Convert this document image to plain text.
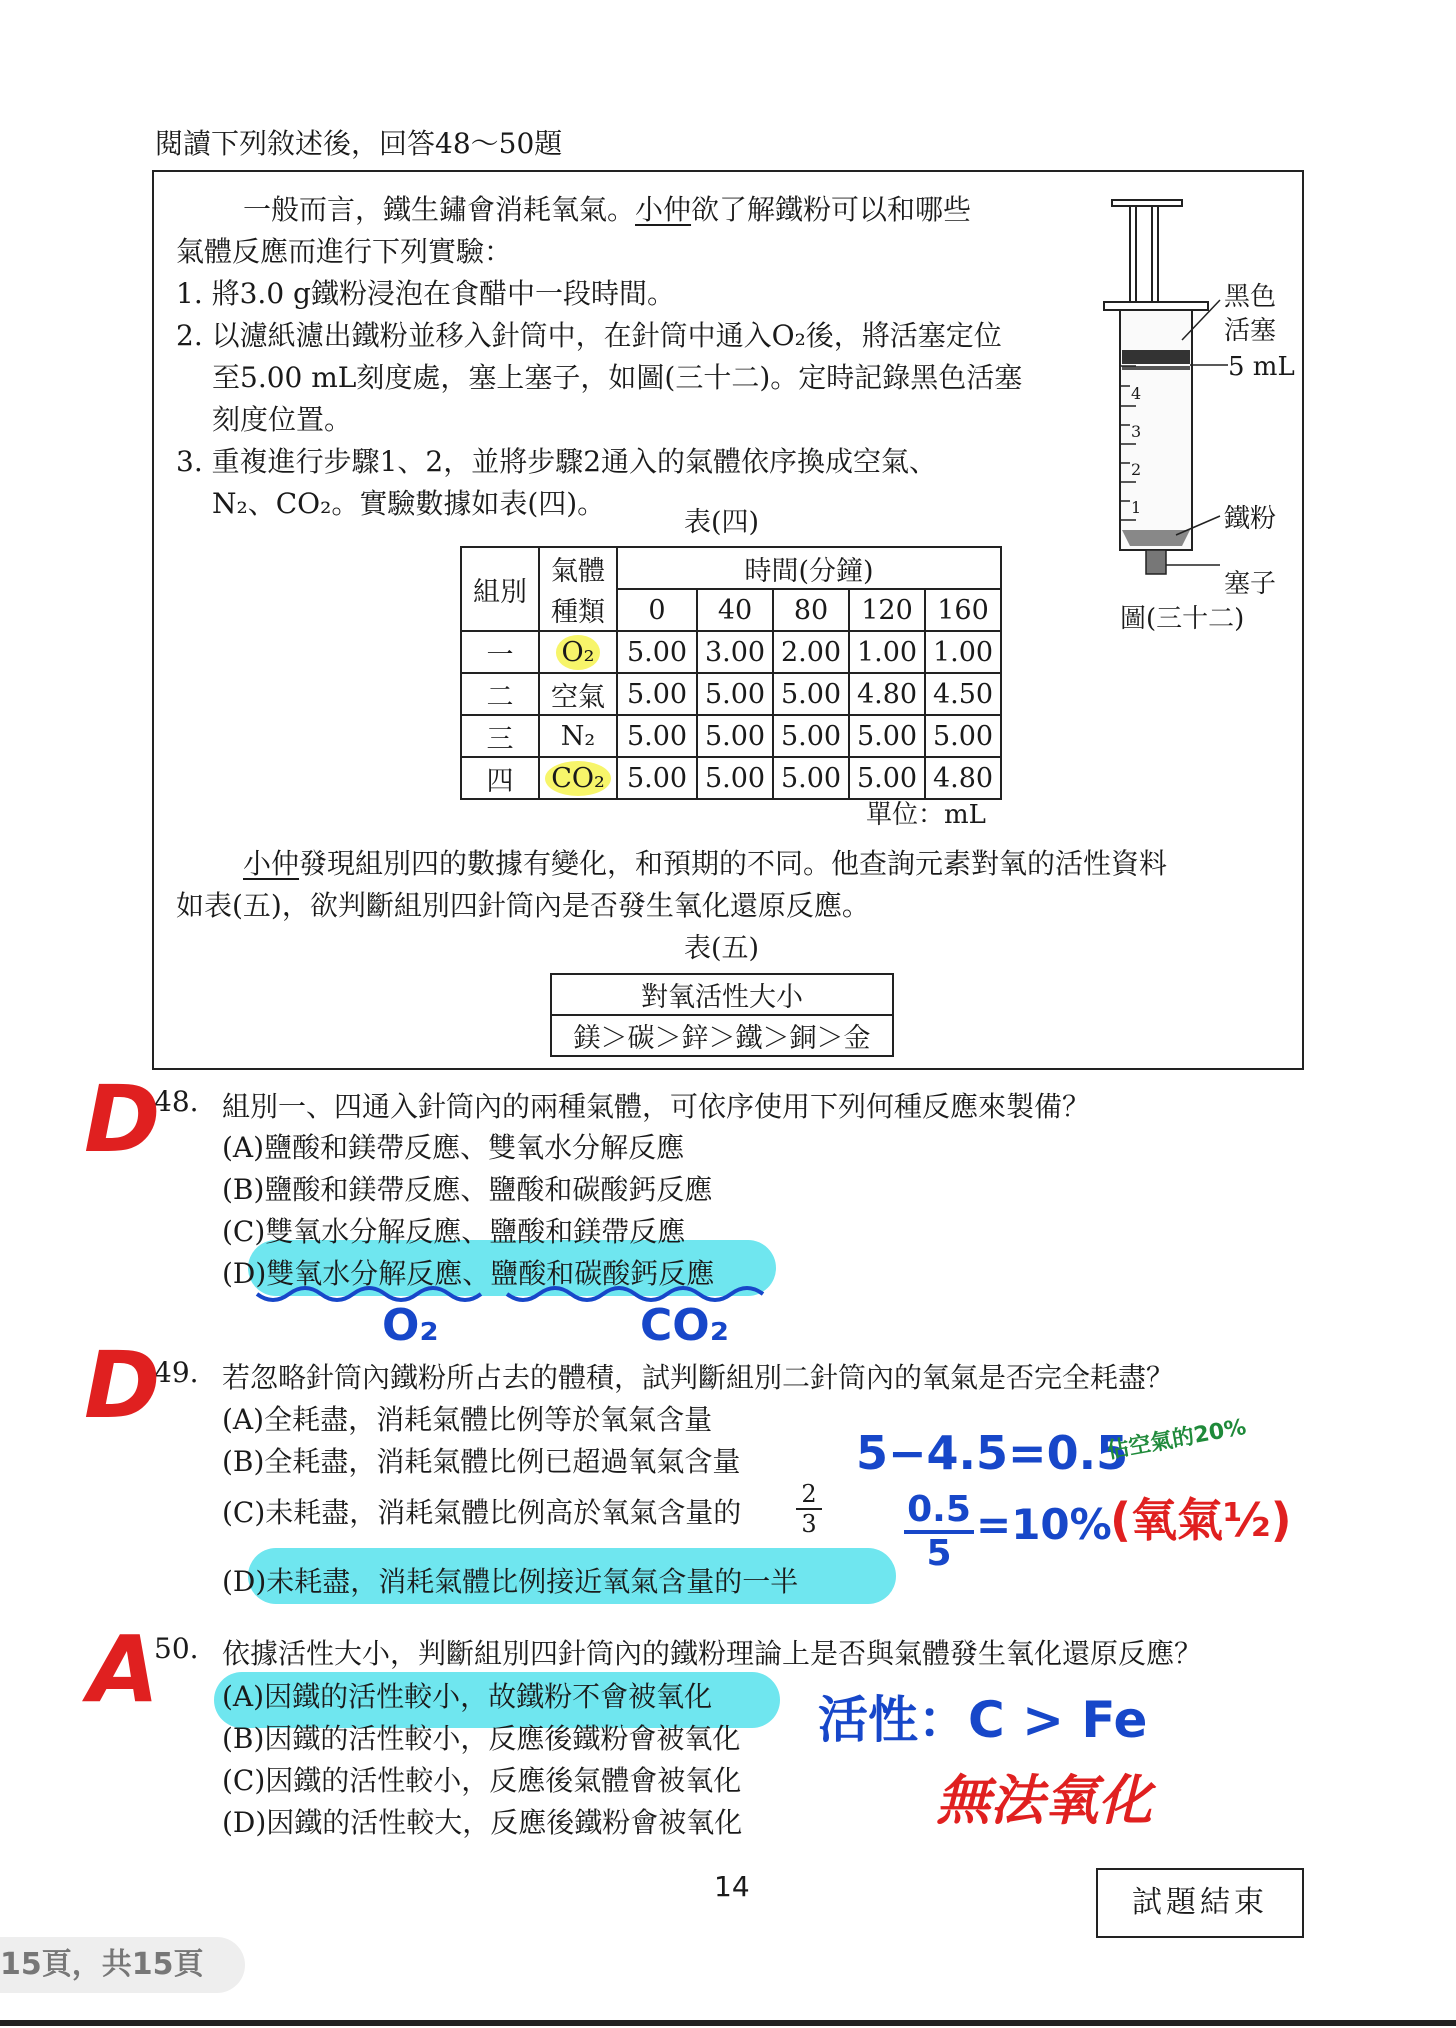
閱讀下列敘述後，回答48～50題
一般而言，鐵生鏽會消耗氧氣。小仲欲了解鐵粉可以和哪些
氣體反應而進行下列實驗：
1. 將3.0 g鐵粉浸泡在食醋中一段時間。
2. 以濾紙濾出鐵粉並移入針筒中，在針筒中通入O₂後，將活塞定位
至5.00 mL刻度處，塞上塞子，如圖(三十二)。定時記錄黑色活塞
刻度位置。
3. 重複進行步驟1、2，並將步驟2通入的氣體依序換成空氣、
N₂、CO₂。實驗數據如表(四)。
4
3
2
1
黑色
活塞
5 mL
鐵粉
塞子
圖(三十二)
表(四)
組別	氣體	時間(分鐘)				
	種類	0	40	80	120	160
一	O₂	5.00	3.00	2.00	1.00	1.00
二	空氣	5.00	5.00	5.00	4.80	4.50
三	N₂	5.00	5.00	5.00	5.00	5.00
四	CO₂	5.00	5.00	5.00	5.00	4.80
單位：mL
小仲發現組別四的數據有變化，和預期的不同。他查詢元素對氧的活性資料
如表(五)，欲判斷組別四針筒內是否發生氧化還原反應。
表(五)
對氧活性大小
鎂＞碳＞鋅＞鐵＞銅＞金
48. 組別一、四通入針筒內的兩種氣體，可依序使用下列何種反應來製備？
(A)鹽酸和鎂帶反應、雙氧水分解反應
(B)鹽酸和鎂帶反應、鹽酸和碳酸鈣反應
(C)雙氧水分解反應、鹽酸和鎂帶反應
(D)雙氧水分解反應、鹽酸和碳酸鈣反應
49. 若忽略針筒內鐵粉所占去的體積，試判斷組別二針筒內的氧氣是否完全耗盡？
(A)全耗盡，消耗氣體比例等於氧氣含量
(B)全耗盡，消耗氣體比例已超過氧氣含量
(C)未耗盡，消耗氣體比例高於氧氣含量的
2
3
(D)未耗盡，消耗氣體比例接近氧氣含量的一半
50. 依據活性大小，判斷組別四針筒內的鐵粉理論上是否與氣體發生氧化還原反應？
(A)因鐵的活性較小，故鐵粉不會被氧化
(B)因鐵的活性較小，反應後鐵粉會被氧化
(C)因鐵的活性較小，反應後氣體會被氧化
(D)因鐵的活性較大，反應後鐵粉會被氧化
D
D
A
O₂	CO₂
5−4.5=0.5
佔空氣的20%
0.5
5
=10%
(氧氣½)
活性：C > Fe
無法氧化
14	試題結束
15頁，共15頁
